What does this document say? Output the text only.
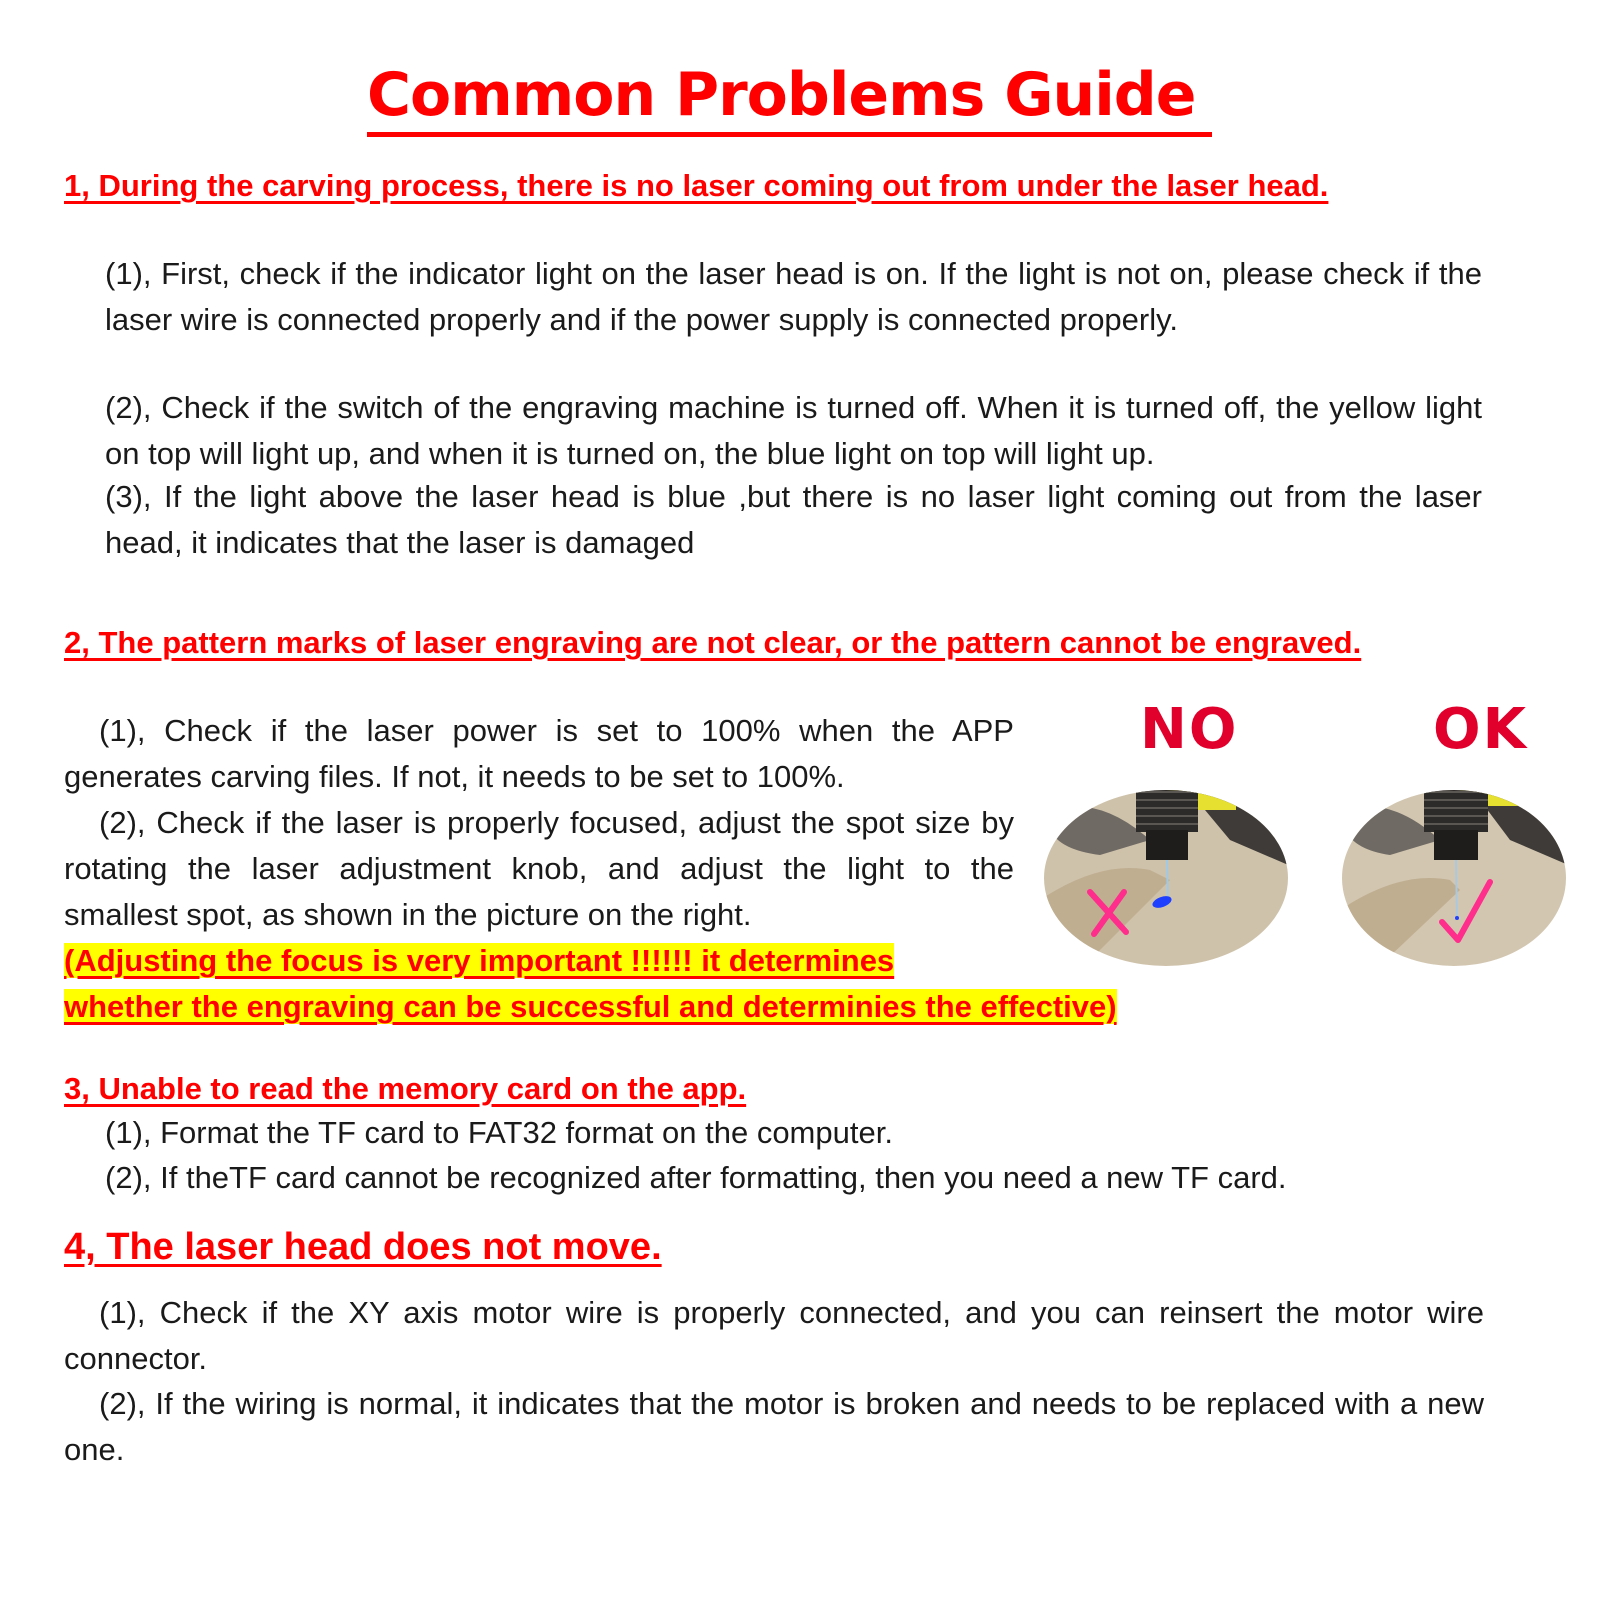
Common Problems Guide
1, During the carving process, there is no laser coming out from under the laser head.
(1), First, check if the indicator light on the laser head is on. If the light is not on, please check if the laser wire is connected properly and if the power supply is connected properly.
(2), Check if the switch of the engraving machine is turned off. When it is turned off, the yellow light on top will light up, and when it is turned on, the blue light on top will light up.
(3), If the light above the laser head is blue ,but there is no laser light coming out from the laser head, it indicates that the laser is damaged
2, The pattern marks of laser engraving are not clear, or the pattern cannot be engraved.
(1), Check if the laser power is set to 100% when the APP generates carving files. If not, it needs to be set to 100%.
(2), Check if the laser is properly focused, adjust the spot size by rotating the laser adjustment knob, and adjust the light to the smallest spot, as shown in the picture on the right.
(Adjusting the focus is very important !!!!!! it determines
whether the engraving can be successful and determinies the effective)
NO	OK
3, Unable to read the memory card on the app.
(1), Format the TF card to FAT32 format on the computer.
(2), If theTF card cannot be recognized after formatting, then you need a new TF card.
4, The laser head does not move.
(1), Check if the XY axis motor wire is properly connected, and you can reinsert the motor wire connector.
(2), If the wiring is normal, it indicates that the motor is broken and needs to be replaced with a new one.
